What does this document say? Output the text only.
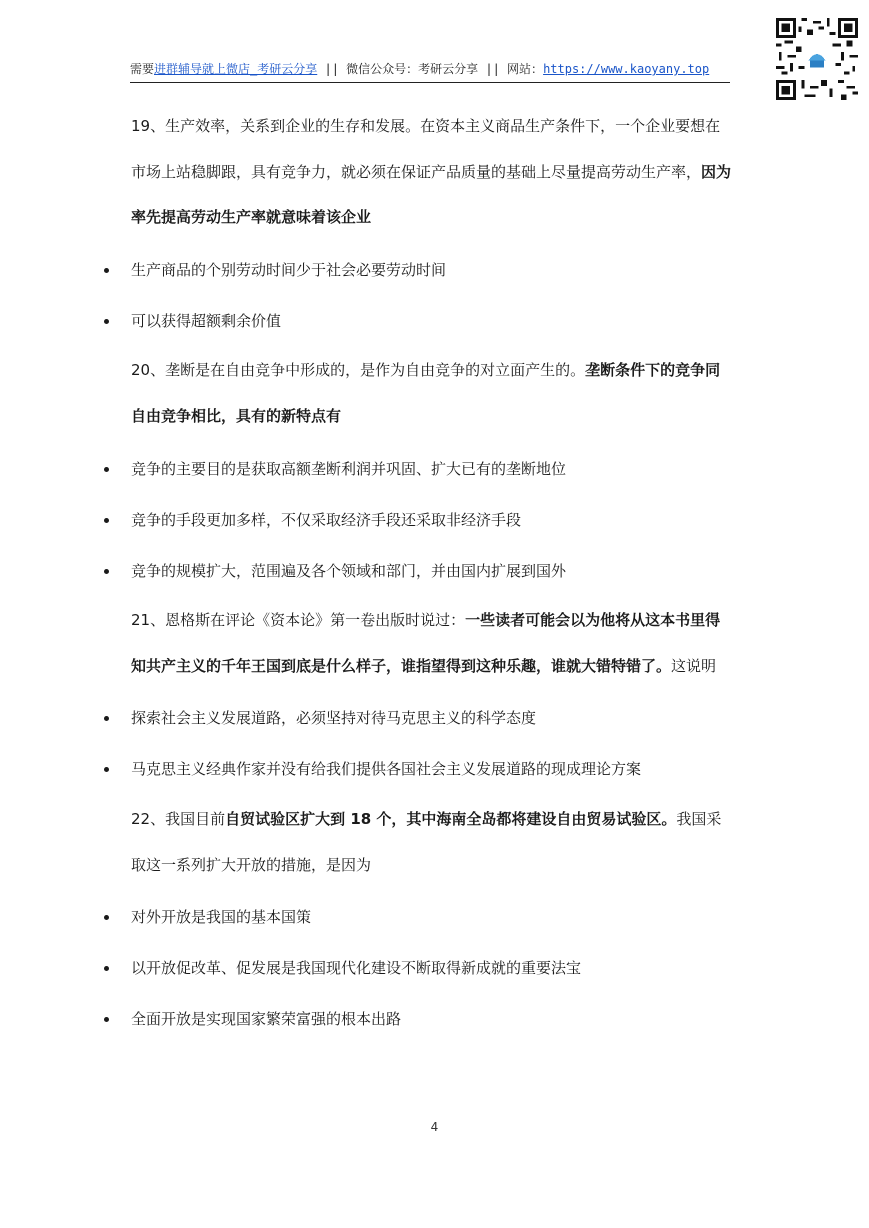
需要进群辅导就上微店_考研云分享 || 微信公众号：考研云分享 || 网站：https://www.kaoyany.top
19、生产效率，关系到企业的生存和发展。在资本主义商品生产条件下，一个企业要想在市场上站稳脚跟，具有竞争力，就必须在保证产品质量的基础上尽量提高劳动生产率，因为率先提高劳动生产率就意味着该企业
生产商品的个别劳动时间少于社会必要劳动时间
可以获得超额剩余价值
20、垄断是在自由竞争中形成的，是作为自由竞争的对立面产生的。垄断条件下的竞争同自由竞争相比，具有的新特点有
竞争的主要目的是获取高额垄断利润并巩固、扩大已有的垄断地位
竞争的手段更加多样，不仅采取经济手段还采取非经济手段
竞争的规模扩大，范围遍及各个领域和部门，并由国内扩展到国外
21、恩格斯在评论《资本论》第一卷出版时说过：一些读者可能会以为他将从这本书里得知共产主义的千年王国到底是什么样子，谁指望得到这种乐趣，谁就大错特错了。这说明
探索社会主义发展道路，必须坚持对待马克思主义的科学态度
马克思主义经典作家并没有给我们提供各国社会主义发展道路的现成理论方案
22、我国目前自贸试验区扩大到 18 个，其中海南全岛都将建设自由贸易试验区。我国采取这一系列扩大开放的措施，是因为
对外开放是我国的基本国策
以开放促改革、促发展是我国现代化建设不断取得新成就的重要法宝
全面开放是实现国家繁荣富强的根本出路
4
